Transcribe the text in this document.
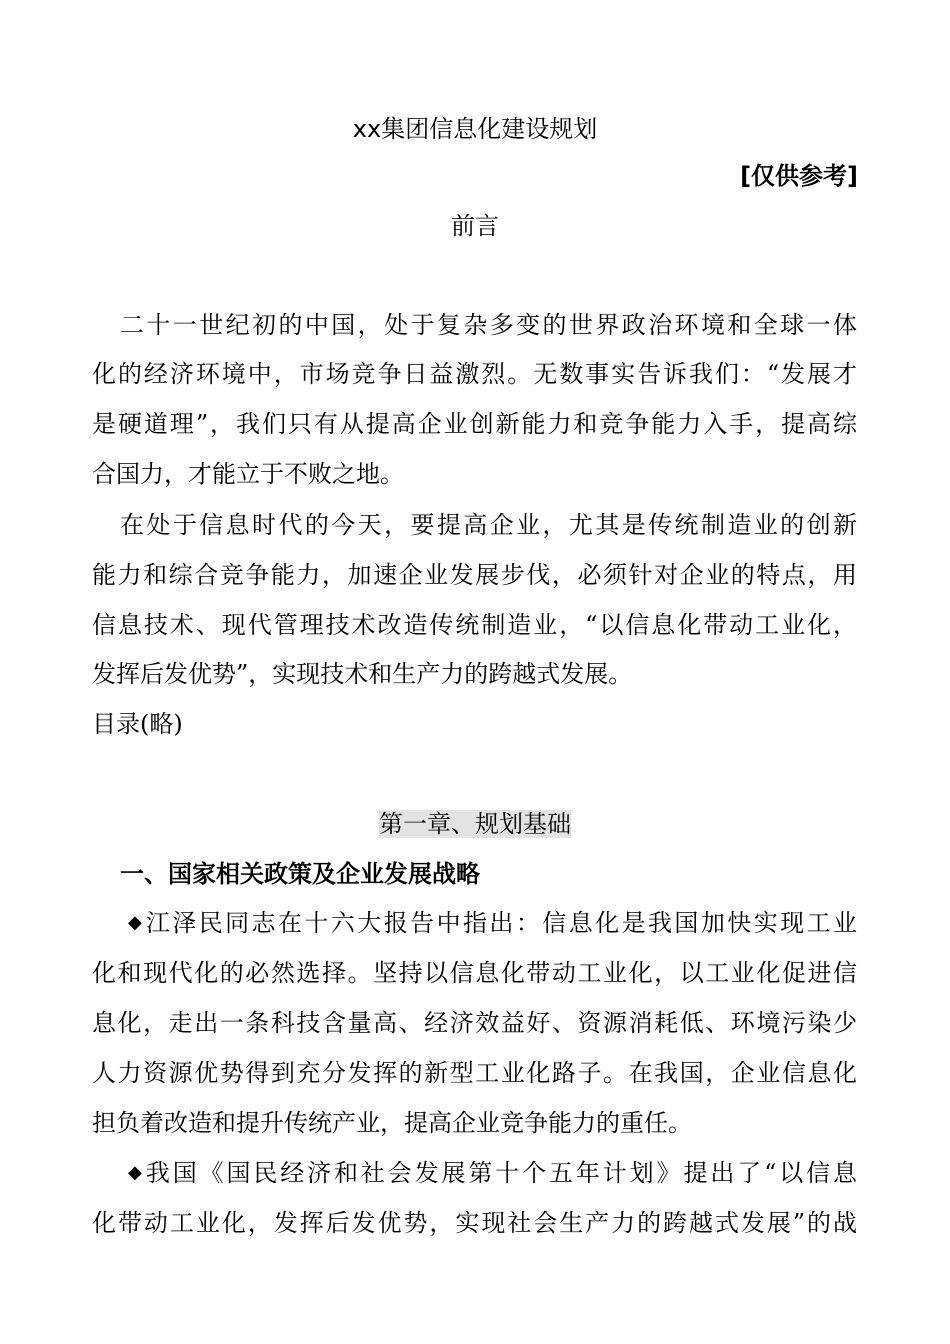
xx集团信息化建设规划
[仅供参考]
前言
二十一世纪初的中国，处于复杂多变的世界政治环境和全球一体
化的经济环境中，市场竞争日益激烈。无数事实告诉我们：“发展才
是硬道理”，我们只有从提高企业创新能力和竞争能力入手，提高综
合国力，才能立于不败之地。
在处于信息时代的今天，要提高企业，尤其是传统制造业的创新
能力和综合竞争能力，加速企业发展步伐，必须针对企业的特点，用
信息技术、现代管理技术改造传统制造业，“以信息化带动工业化，
发挥后发优势”，实现技术和生产力的跨越式发展。
目录(略)
第一章、规划基础
一、国家相关政策及企业发展战略
◆ 江泽民同志在十六大报告中指出：信息化是我国加快实现工业
化和现代化的必然选择。坚持以信息化带动工业化，以工业化促进信
息化，走出一条科技含量高、经济效益好、资源消耗低、环境污染少
人力资源优势得到充分发挥的新型工业化路子。在我国，企业信息化
担负着改造和提升传统产业，提高企业竞争能力的重任。
◆ 我国《国民经济和社会发展第十个五年计划》提出了“以信息
化带动工业化，发挥后发优势，实现社会生产力的跨越式发展”的战
